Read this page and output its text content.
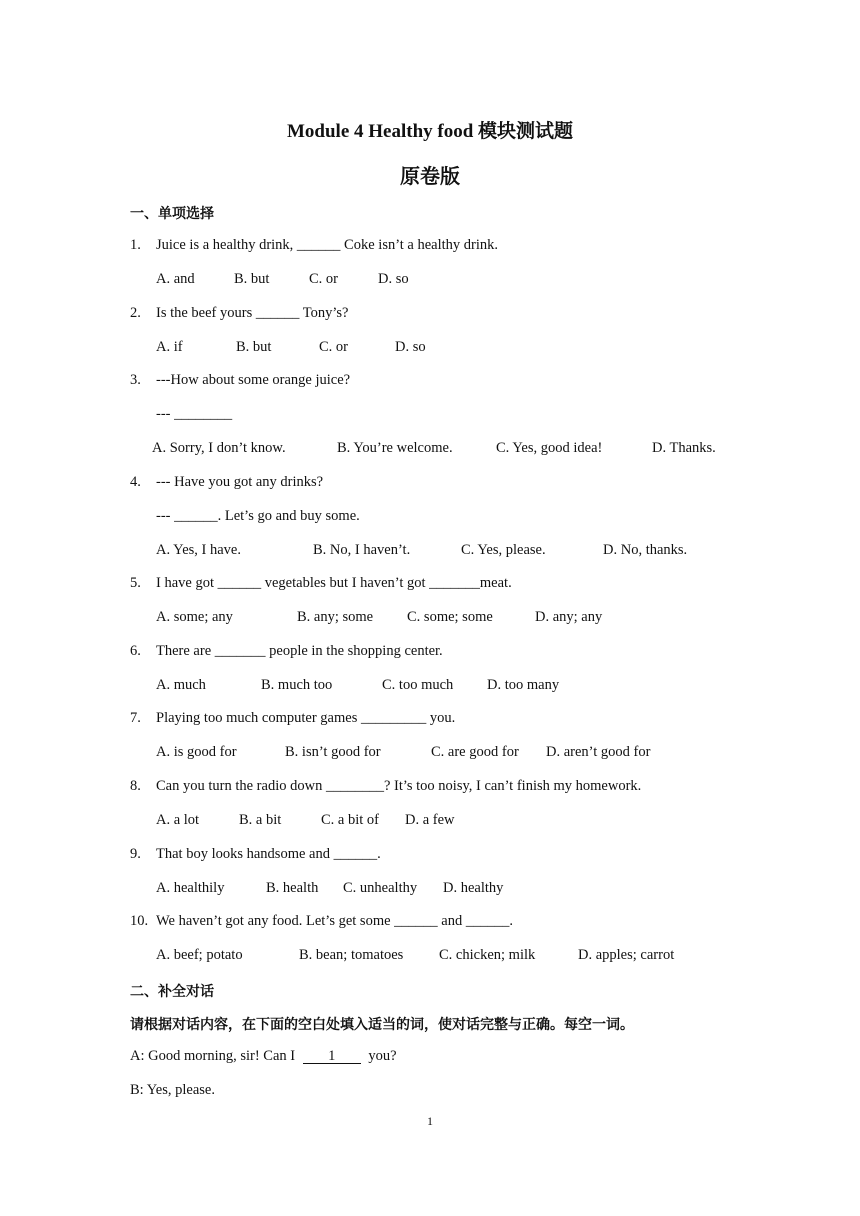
Module 4 Healthy food 模块测试题
原卷版
一、单项选择
1. Juice is a healthy drink, ______ Coke isn’t a healthy drink.
A. and	B. but	C. or	D. so
2. Is the beef yours ______ Tony’s?
A. if	B. but	C. or	D. so
3. ---How about some orange juice?
--- ________
A. Sorry, I don’t know.	B. You’re welcome.	C. Yes, good idea!	D. Thanks.
4. --- Have you got any drinks?
--- ______. Let’s go and buy some.
A. Yes, I have.	B. No, I haven’t.	C. Yes, please.	D. No, thanks.
5. I have got ______ vegetables but I haven’t got _______meat.
A. some; any	B. any; some C. some; some	D. any; any
6. There are _______ people in the shopping center.
A. much	B. much too	C. too much D. too many
7. Playing too much computer games _________ you.
A. is good for	B. isn’t good for	C. are good for D. aren’t good for
8. Can you turn the radio down ________? It’s too noisy, I can’t finish my homework.
A. a lot	B. a bit	C. a bit of D. a few
9. That boy looks handsome and ______.
A. healthily	B. health C. unhealthy D. healthy
10. We haven’t got any food. Let’s get some ______ and ______.
A. beef; potato	B. bean; tomatoes C. chicken; milk	D. apples; carrot
二、补全对话
请根据对话内容，在下面的空白处填入适当的词，使对话完整与正确。每空一词。
A: Good morning, sir! Can I 1 you?
B: Yes, please.
1
